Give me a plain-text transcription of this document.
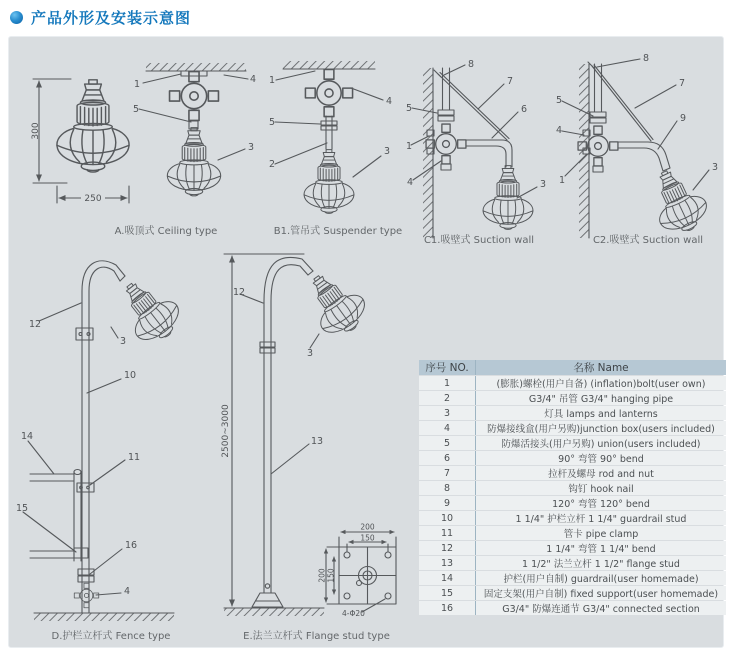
产品外形及安装示意图
300
250
1	4
5
3
1
4
5
2
3
8
7
6
5
1
4	3
8
7
5
4
9
1
3
12
3
10
14
11
15
16
4
2500~3000
12
3
13
200
150
200 150
4-Φ20
A.吸顶式 Ceiling type	B1.管吊式 Suspender type
C1.吸壁式 Suction wall	C2.吸壁式 Suction wall
D.护栏立杆式 Fence type	E.法兰立杆式 Flange stud type
序号 NO.	名称 Name
1	(膨胀)螺栓(用户自备) (inflation)bolt(user own)
2	G3/4" 吊管 G3/4" hanging pipe
3	灯具 lamps and lanterns
4	防爆接线盒(用户另购)junction box(users included)
5	防爆活接头(用户另购) union(users included)
6	90° 弯管 90° bend
7	拉杆及螺母 rod and nut
8	钩钉 hook nail
9	120° 弯管 120° bend
10	1 1/4" 护栏立杆 1 1/4" guardrail stud
11	管卡 pipe clamp
12	1 1/4" 弯管 1 1/4" bend
13	1 1/2" 法兰立杆 1 1/2" flange stud
14	护栏(用户自制) guardrail(user homemade)
15	固定支架(用户自制) fixed support(user homemade)
16	G3/4" 防爆连通节 G3/4" connected section
